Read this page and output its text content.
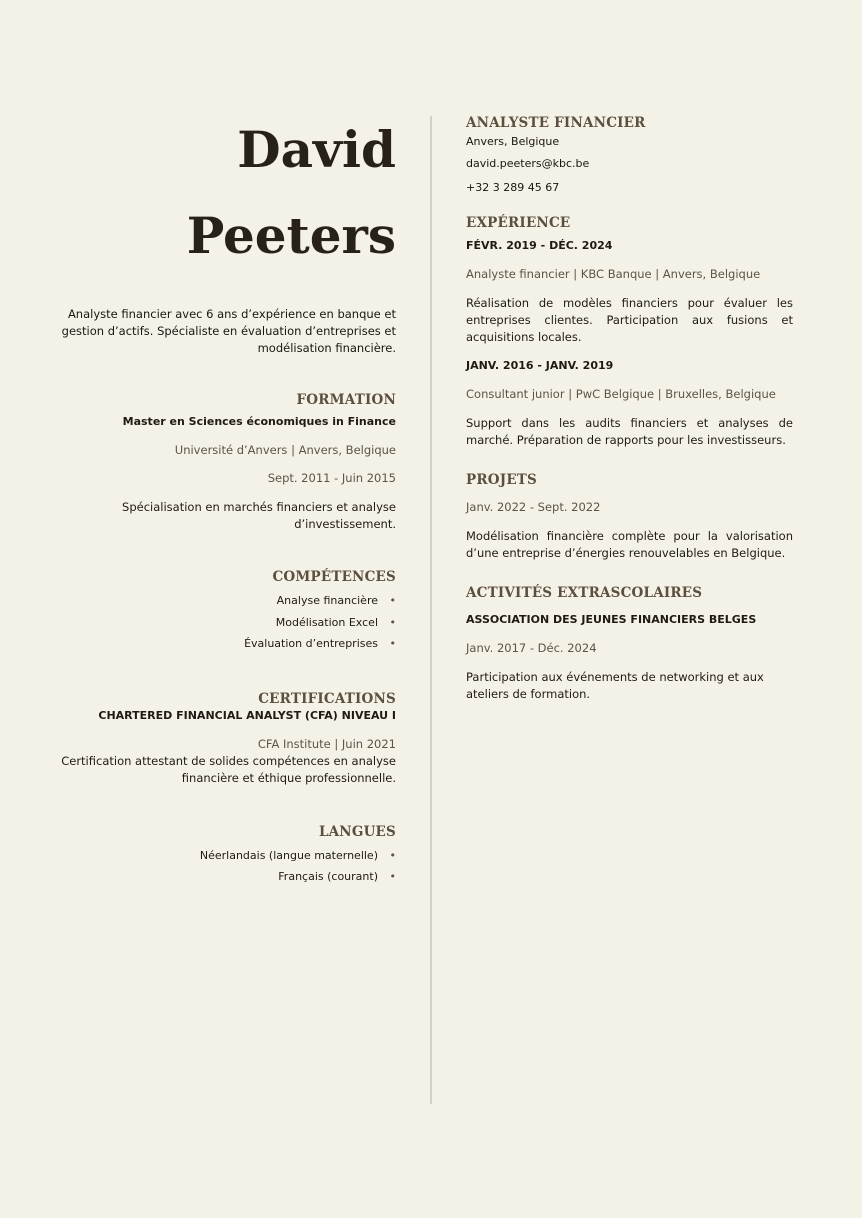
David
Peeters
Analyste financier avec 6 ans d’expérience en banque et gestion d’actifs. Spécialiste en évaluation d’entreprises et modélisation financière.
FORMATION
Master en Sciences économiques in Finance
Université d’Anvers | Anvers, Belgique
Sept. 2011 - Juin 2015
Spécialisation en marchés financiers et analyse d’investissement.
COMPÉTENCES
Analyse financière •
Modélisation Excel •
Évaluation d’entreprises •
CERTIFICATIONS
CHARTERED FINANCIAL ANALYST (CFA) NIVEAU I
CFA Institute | Juin 2021
Certification attestant de solides compétences en analyse financière et éthique professionnelle.
LANGUES
Néerlandais (langue maternelle) •
Français (courant) •
ANALYSTE FINANCIER
Anvers, Belgique
david.peeters@kbc.be
+32 3 289 45 67
EXPÉRIENCE
FÉVR. 2019 - DÉC. 2024
Analyste financier | KBC Banque | Anvers, Belgique
Réalisation de modèles financiers pour évaluer les entreprises clientes. Participation aux fusions et acquisitions locales.
JANV. 2016 - JANV. 2019
Consultant junior | PwC Belgique | Bruxelles, Belgique
Support dans les audits financiers et analyses de marché. Préparation de rapports pour les investisseurs.
PROJETS
Janv. 2022 - Sept. 2022
Modélisation financière complète pour la valorisation d’une entreprise d’énergies renouvelables en Belgique.
ACTIVITÉS EXTRASCOLAIRES
ASSOCIATION DES JEUNES FINANCIERS BELGES
Janv. 2017 - Déc. 2024
Participation aux événements de networking et aux ateliers de formation.
